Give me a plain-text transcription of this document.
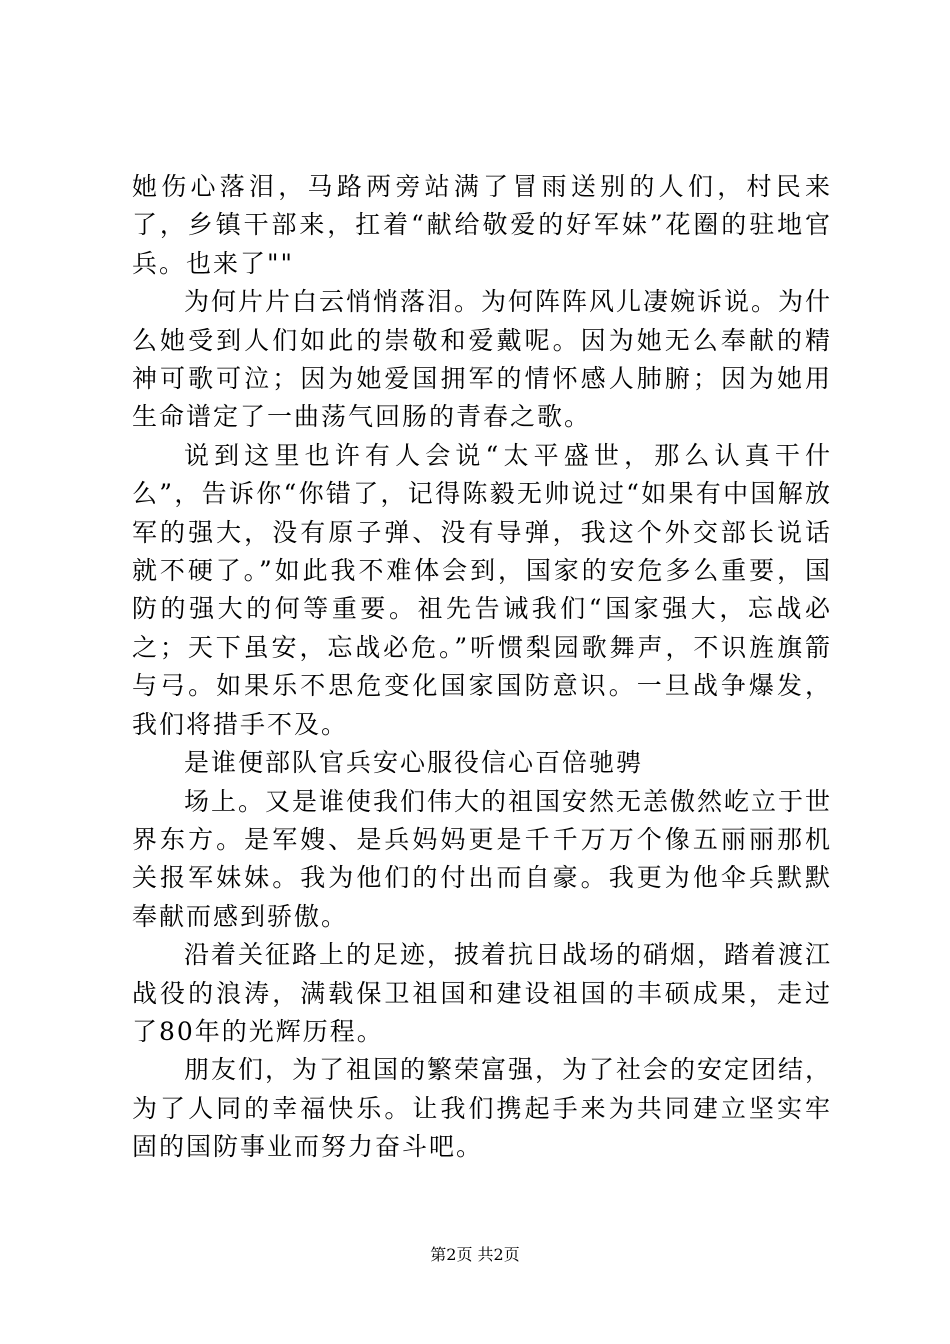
她伤心落泪，马路两旁站满了冒雨送别的人们，村民来了，乡镇干部来，扛着“献给敬爱的好军妹”花圈的驻地官兵。也来了""

为何片片白云悄悄落泪。为何阵阵风儿凄婉诉说。为什么她受到人们如此的崇敬和爱戴呢。因为她无么奉献的精神可歌可泣；因为她爱国拥军的情怀感人肺腑；因为她用生命谱定了一曲荡气回肠的青春之歌。

说到这里也许有人会说“太平盛世，那么认真干什么”，告诉你“你错了，记得陈毅无帅说过“如果有中国解放军的强大，没有原子弹、没有导弹，我这个外交部长说话就不硬了。”如此我不难体会到，国家的安危多么重要，国防的强大的何等重要。祖先告诫我们“国家强大，忘战必之；天下虽安，忘战必危。”听惯梨园歌舞声，不识旌旗箭与弓。如果乐不思危变化国家国防意识。一旦战争爆发，我们将措手不及。

是谁便部队官兵安心服役信心百倍驰骋

场上。又是谁使我们伟大的祖国安然无恙傲然屹立于世界东方。是军嫂、是兵妈妈更是千千万万个像五丽丽那机关报军妹妹。我为他们的付出而自豪。我更为他伞兵默默奉献而感到骄傲。

沿着关征路上的足迹，披着抗日战场的硝烟，踏着渡江战役的浪涛，满载保卫祖国和建设祖国的丰硕成果，走过了80年的光辉历程。

朋友们，为了祖国的繁荣富强，为了社会的安定团结，为了人同的幸福快乐。让我们携起手来为共同建立坚实牢固的国防事业而努力奋斗吧。

第2页 共2页
